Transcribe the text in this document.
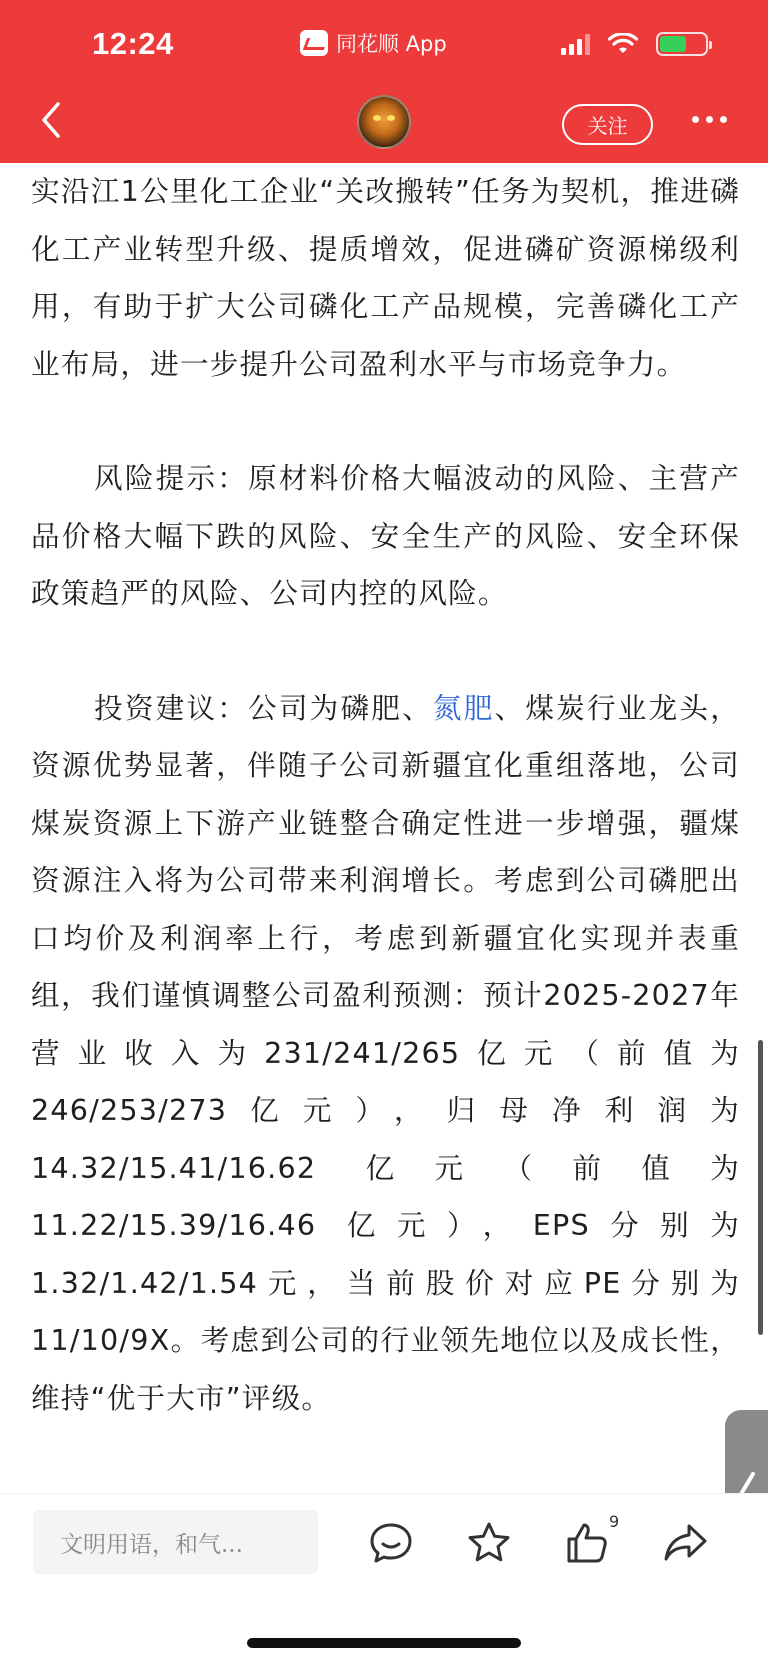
12:24	同花顺 App
关注

实沿江1公里化工企业“关改搬转”任务为契机，推进磷化工产业转型升级、提质增效，促进磷矿资源梯级利用，有助于扩大公司磷化工产品规模，完善磷化工产业布局，进一步提升公司盈利水平与市场竞争力。

风险提示：原材料价格大幅波动的风险、主营产品价格大幅下跌的风险、安全生产的风险、安全环保政策趋严的风险、公司内控的风险。

投资建议：公司为磷肥、氮肥、煤炭行业龙头，资源优势显著，伴随子公司新疆宜化重组落地，公司煤炭资源上下游产业链整合确定性进一步增强，疆煤资源注入将为公司带来利润增长。考虑到公司磷肥出口均价及利润率上行，考虑到新疆宜化实现并表重组，我们谨慎调整公司盈利预测：预计2025-2027年营业收入为231/241/265亿元（前值为246/253/273亿元），归母净利润为14.32/15.41/16.62 亿元（前值为11.22/15.39/16.46 亿元），EPS分别为1.32/1.42/1.54元，当前股价对应PE分别为11/10/9X。考虑到公司的行业领先地位以及成长性，维持“优于大市”评级。

文明用语，和气...
9
